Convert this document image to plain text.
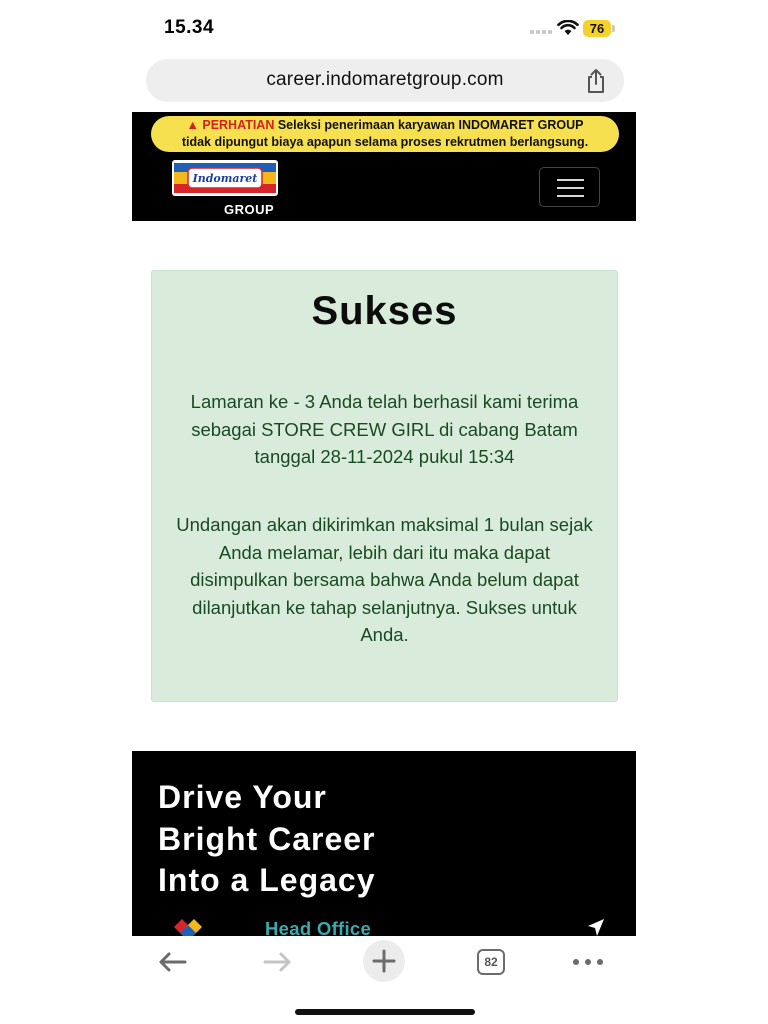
15.34	76
career.indomaretgroup.com
▲ PERHATIAN Seleksi penerimaan karyawan INDOMARET GROUP
tidak dipungut biaya apapun selama proses rekrutmen berlangsung.
Indomaret
GROUP
Sukses
Lamaran ke - 3 Anda telah berhasil kami terima sebagai STORE CREW GIRL di cabang Batam tanggal 28-11-2024 pukul 15:34
Undangan akan dikirimkan maksimal 1 bulan sejak Anda melamar, lebih dari itu maka dapat disimpulkan bersama bahwa Anda belum dapat dilanjutkan ke tahap selanjutnya. Sukses untuk Anda.
Drive Your
Bright Career
Into a Legacy
Head Office
82
